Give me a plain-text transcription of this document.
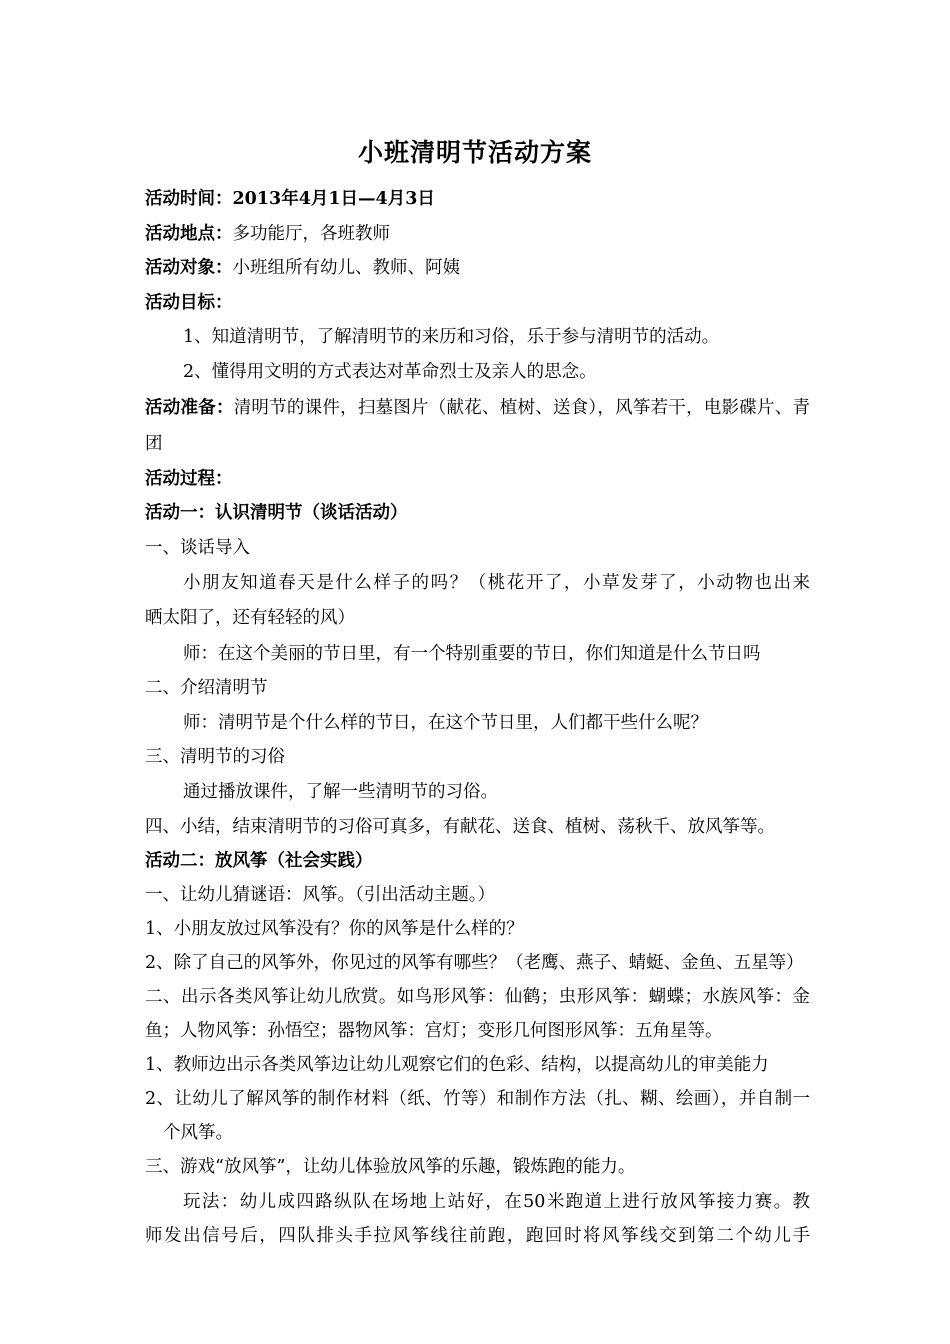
小班清明节活动方案
活动时间：2013年4月1日—4月3日
活动地点：多功能厅，各班教师
活动对象：小班组所有幼儿、教师、阿姨
活动目标：
1、知道清明节，了解清明节的来历和习俗，乐于参与清明节的活动。
2、懂得用文明的方式表达对革命烈士及亲人的思念。
活动准备：清明节的课件，扫墓图片（献花、植树、送食），风筝若干，电影碟片、青
团
活动过程：
活动一：认识清明节（谈话活动）
一、谈话导入
小朋友知道春天是什么样子的吗？（桃花开了，小草发芽了，小动物也出来
晒太阳了，还有轻轻的风）
师：在这个美丽的节日里，有一个特别重要的节日，你们知道是什么节日吗
二、介绍清明节
师：清明节是个什么样的节日，在这个节日里，人们都干些什么呢？
三、清明节的习俗
通过播放课件，了解一些清明节的习俗。
四、小结，结束清明节的习俗可真多，有献花、送食、植树、荡秋千、放风筝等。
活动二：放风筝（社会实践）
一、让幼儿猜谜语：风筝。（引出活动主题。）
1、小朋友放过风筝没有？你的风筝是什么样的？
2、除了自己的风筝外，你见过的风筝有哪些？（老鹰、燕子、蜻蜓、金鱼、五星等）
二、出示各类风筝让幼儿欣赏。如鸟形风筝：仙鹤；虫形风筝：蝴蝶；水族风筝：金
鱼；人物风筝：孙悟空；器物风筝：宫灯；变形几何图形风筝：五角星等。
1、教师边出示各类风筝边让幼儿观察它们的色彩、结构，以提高幼儿的审美能力
2、让幼儿了解风筝的制作材料（纸、竹等）和制作方法（扎、糊、绘画），并自制一
个风筝。
三、游戏“放风筝”，让幼儿体验放风筝的乐趣，锻炼跑的能力。
玩法：幼儿成四路纵队在场地上站好，在50米跑道上进行放风筝接力赛。教
师发出信号后，四队排头手拉风筝线往前跑，跑回时将风筝线交到第二个幼儿手
